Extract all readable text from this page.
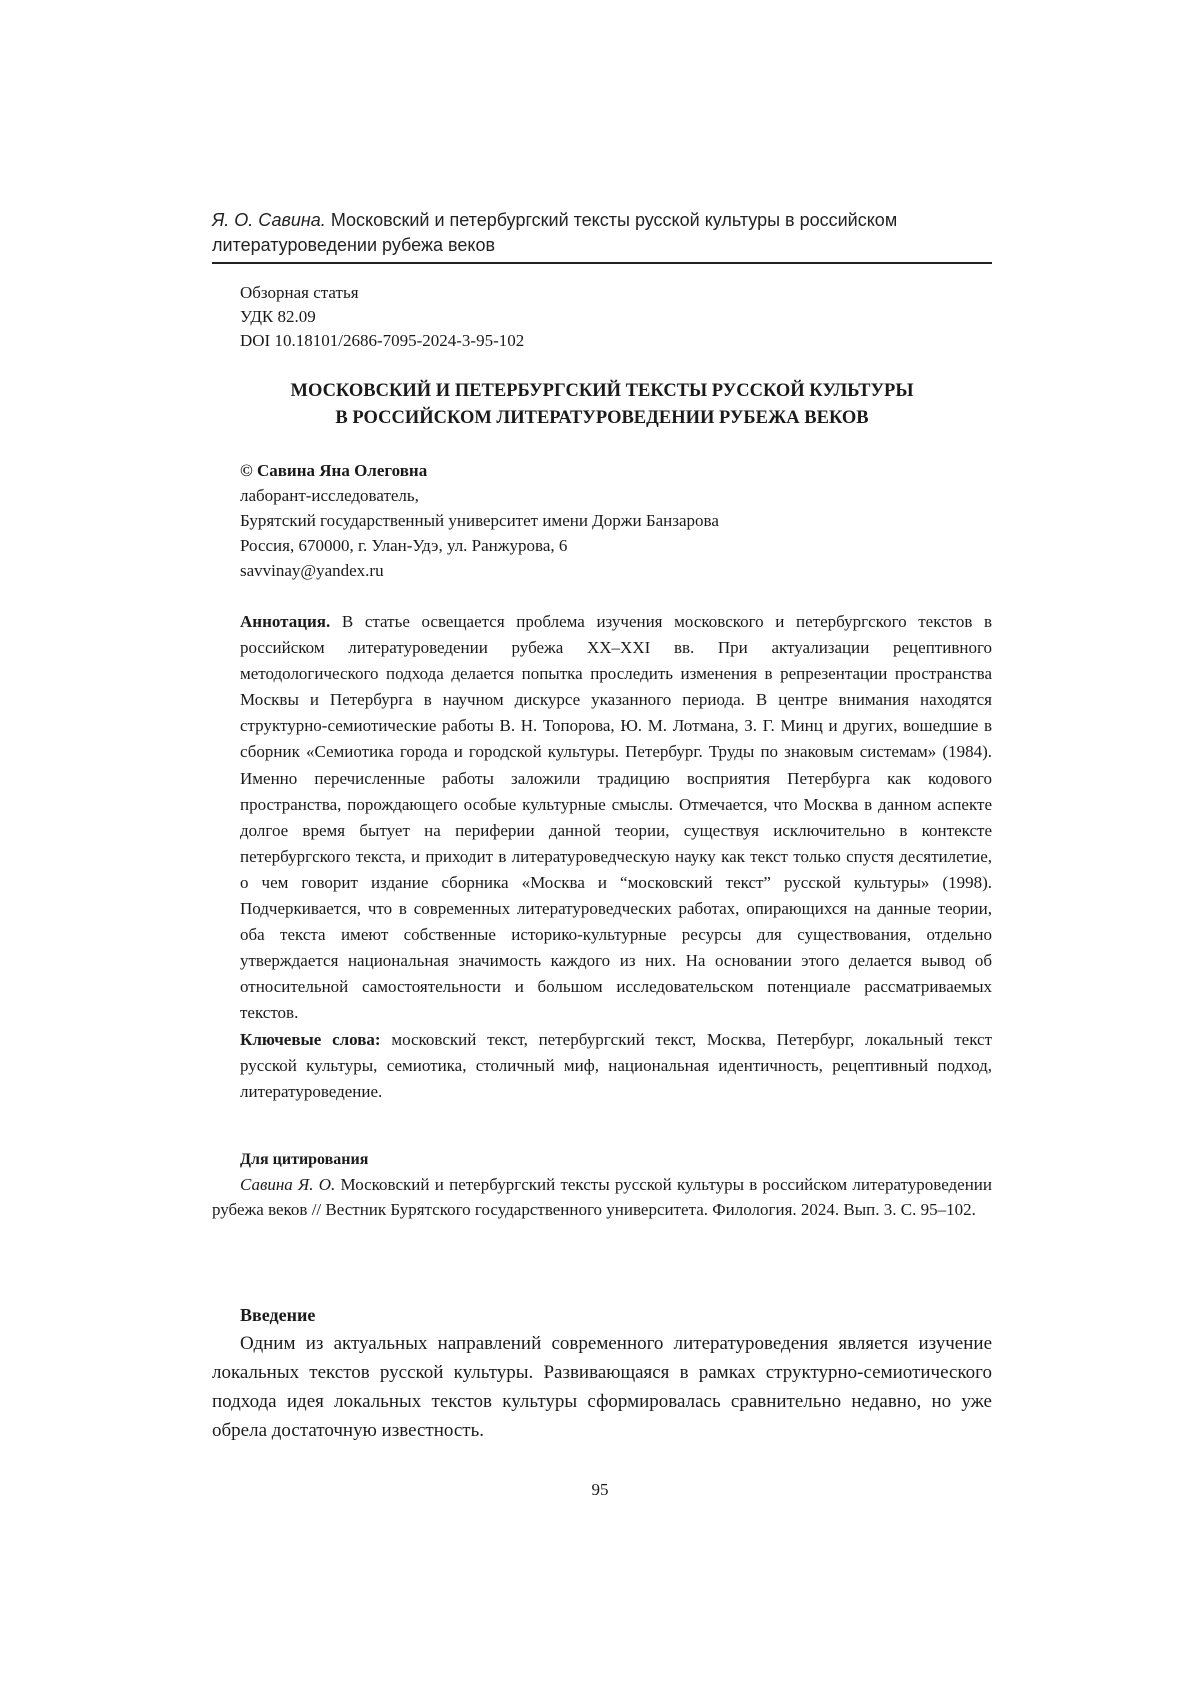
Я. О. Савина. Московский и петербургский тексты русской культуры в российском литературоведении рубежа веков
Обзорная статья
УДК 82.09
DOI 10.18101/2686-7095-2024-3-95-102
МОСКОВСКИЙ И ПЕТЕРБУРГСКИЙ ТЕКСТЫ РУССКОЙ КУЛЬТУРЫ
В РОССИЙСКОМ ЛИТЕРАТУРОВЕДЕНИИ РУБЕЖА ВЕКОВ
© Савина Яна Олеговна
лаборант-исследователь,
Бурятский государственный университет имени Доржи Банзарова
Россия, 670000, г. Улан-Удэ, ул. Ранжурова, 6
savvinay@yandex.ru

Аннотация. В статье освещается проблема изучения московского и петербургского текстов в российском литературоведении рубежа XX–XXI вв. При актуализации рецептивного методологического подхода делается попытка проследить изменения в репрезентации пространства Москвы и Петербурга в научном дискурсе указанного периода. В центре внимания находятся структурно-семиотические работы В. Н. Топорова, Ю. М. Лотмана, З. Г. Минц и других, вошедшие в сборник «Семиотика города и городской культуры. Петербург. Труды по знаковым системам» (1984). Именно перечисленные работы заложили традицию восприятия Петербурга как кодового пространства, порождающего особые культурные смыслы. Отмечается, что Москва в данном аспекте долгое время бытует на периферии данной теории, существуя исключительно в контексте петербургского текста, и приходит в литературоведческую науку как текст только спустя десятилетие, о чем говорит издание сборника «Москва и “московский текст” русской культуры» (1998). Подчеркивается, что в современных литературоведческих работах, опирающихся на данные теории, оба текста имеют собственные историко-культурные ресурсы для существования, отдельно утверждается национальная значимость каждого из них. На основании этого делается вывод об относительной самостоятельности и большом исследовательском потенциале рассматриваемых текстов.

Ключевые слова: московский текст, петербургский текст, Москва, Петербург, локальный текст русской культуры, семиотика, столичный миф, национальная идентичность, рецептивный подход, литературоведение.

Для цитирования
Савина Я. О. Московский и петербургский тексты русской культуры в российском литературоведении рубежа веков // Вестник Бурятского государственного университета. Филология. 2024. Вып. 3. С. 95–102.
Введение
Одним из актуальных направлений современного литературоведения является изучение локальных текстов русской культуры. Развивающаяся в рамках структурно-семиотического подхода идея локальных текстов культуры сформировалась сравнительно недавно, но уже обрела достаточную известность.
95
